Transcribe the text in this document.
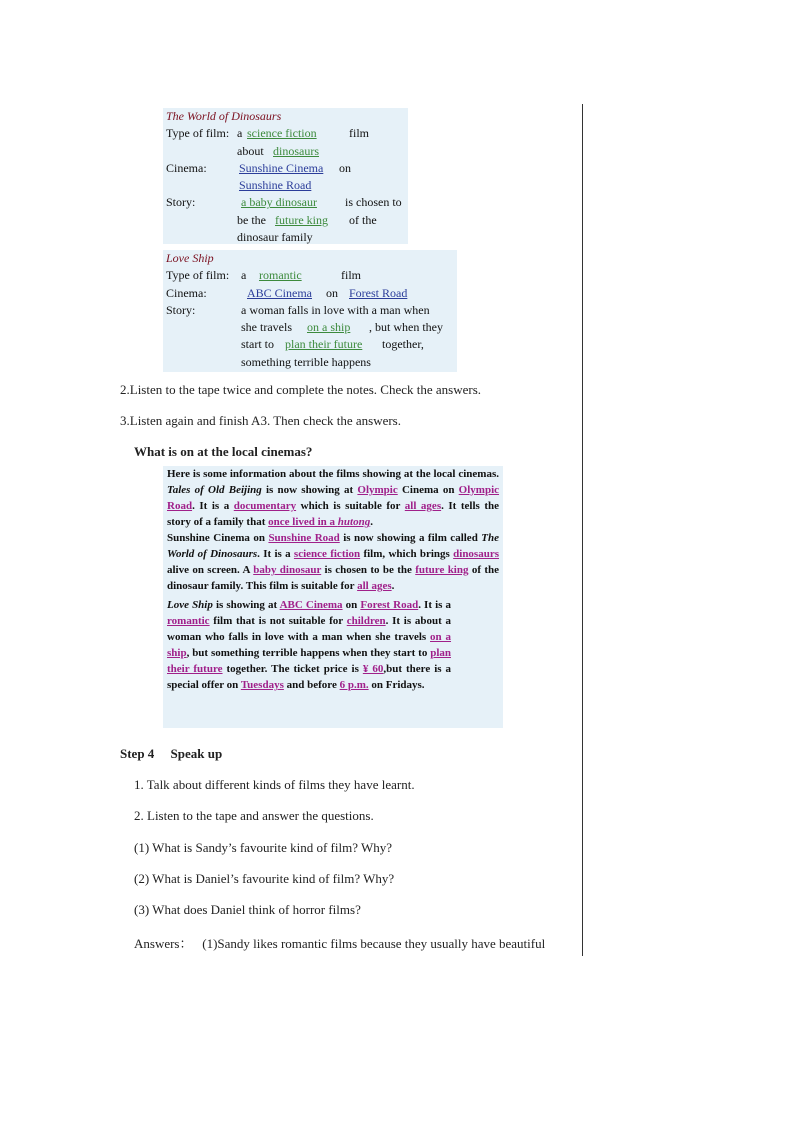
The World of Dinosaurs
Type of film: a science fiction	film
about dinosaurs
Cinema:	Sunshine Cinema on
Sunshine Road
Story:	a baby dinosaur is chosen to
be the future king of the
dinosaur family
Love Ship
Type of film: a romantic	film
Cinema:	ABC Cinema on Forest Road
Story:	a woman falls in love with a man when
she travels on a ship , but when they
start to plan their future together,
something terrible happens
2.Listen to the tape twice and complete the notes. Check the answers.
3.Listen again and finish A3. Then check the answers.
What is on at the local cinemas?

Here is some information about the films showing at the local cinemas. Tales of Old Beijing is now showing at Olympic Cinema on Olympic Road. It is a documentary which is suitable for all ages. It tells the story of a family that once lived in a hutong.

Sunshine Cinema on Sunshine Road is now showing a film called The World of Dinosaurs. It is a science fiction film, which brings dinosaurs alive on screen. A baby dinosaur is chosen to be the future king of the dinosaur family. This film is suitable for all ages.

Love Ship is showing at ABC Cinema on Forest Road. It is a romantic film that is not suitable for children. It is about a woman who falls in love with a man when she travels on a ship, but something terrible happens when they start to plan their future together. The ticket price is ¥ 60,but there is a special offer on Tuesdays and before 6 p.m. on Fridays.

Step 4     Speak up
1. Talk about different kinds of films they have learnt.
2. Listen to the tape and answer the questions.
(1) What is Sandy’s favourite kind of film? Why?
(2) What is Daniel’s favourite kind of film? Why?
(3) What does Daniel think of horror films?
Answers：   (1)Sandy likes romantic films because they usually have beautiful
